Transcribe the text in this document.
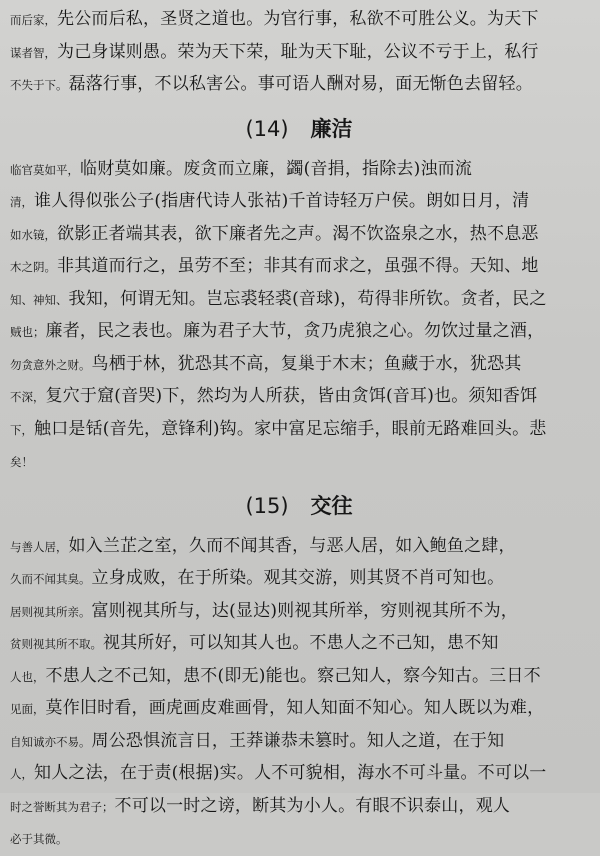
而后家，先公而后私，圣贤之道也。为官行事，私欲不可胜公义。为天下
谋者智，为己身谋则愚。荣为天下荣，耻为天下耻，公议不亏于上，私行
不失于下。磊落行事，不以私害公。事可语人酬对易，面无惭色去留轻。
(14) 廉洁
临官莫如平，临财莫如廉。废贪而立廉，蠲(音捐，指除去)浊而流
清，谁人得似张公子(指唐代诗人张祜)千首诗轻万户侯。朗如日月，清
如水镜，欲影正者端其表，欲下廉者先之声。渴不饮盗泉之水，热不息恶
木之阴。非其道而行之，虽劳不至；非其有而求之，虽强不得。天知、地
知、神知、我知，何谓无知。岂忘裘轻裘(音球)，苟得非所钦。贪者，民之
贼也；廉者，民之表也。廉为君子大节，贪乃虎狼之心。勿饮过量之酒，
勿贪意外之财。鸟栖于林，犹恐其不高，复巢于木末；鱼藏于水，犹恐其
不深，复穴于窟(音哭)下，然均为人所获，皆由贪饵(音耳)也。须知香饵
下，触口是铦(音先，意锋利)钩。家中富足忘缩手，眼前无路难回头。悲
矣！
(15) 交往
与善人居，如入兰芷之室，久而不闻其香，与恶人居，如入鲍鱼之肆，
久而不闻其臭。立身成败，在于所染。观其交游，则其贤不肖可知也。
居则视其所亲。富则视其所与，达(显达)则视其所举，穷则视其所不为，
贫则视其所不取。视其所好，可以知其人也。不患人之不己知，患不知
人也，不患人之不己知，患不(即无)能也。察己知人，察今知古。三日不
见面，莫作旧时看，画虎画皮难画骨，知人知面不知心。知人既以为难，
自知诚亦不易。周公恐惧流言日，王莽谦恭未篡时。知人之道，在于知
人，知人之法，在于责(根据)实。人不可貌相，海水不可斗量。不可以一
时之誉断其为君子；不可以一时之谤，断其为小人。有眼不识泰山，观人
必于其微。
